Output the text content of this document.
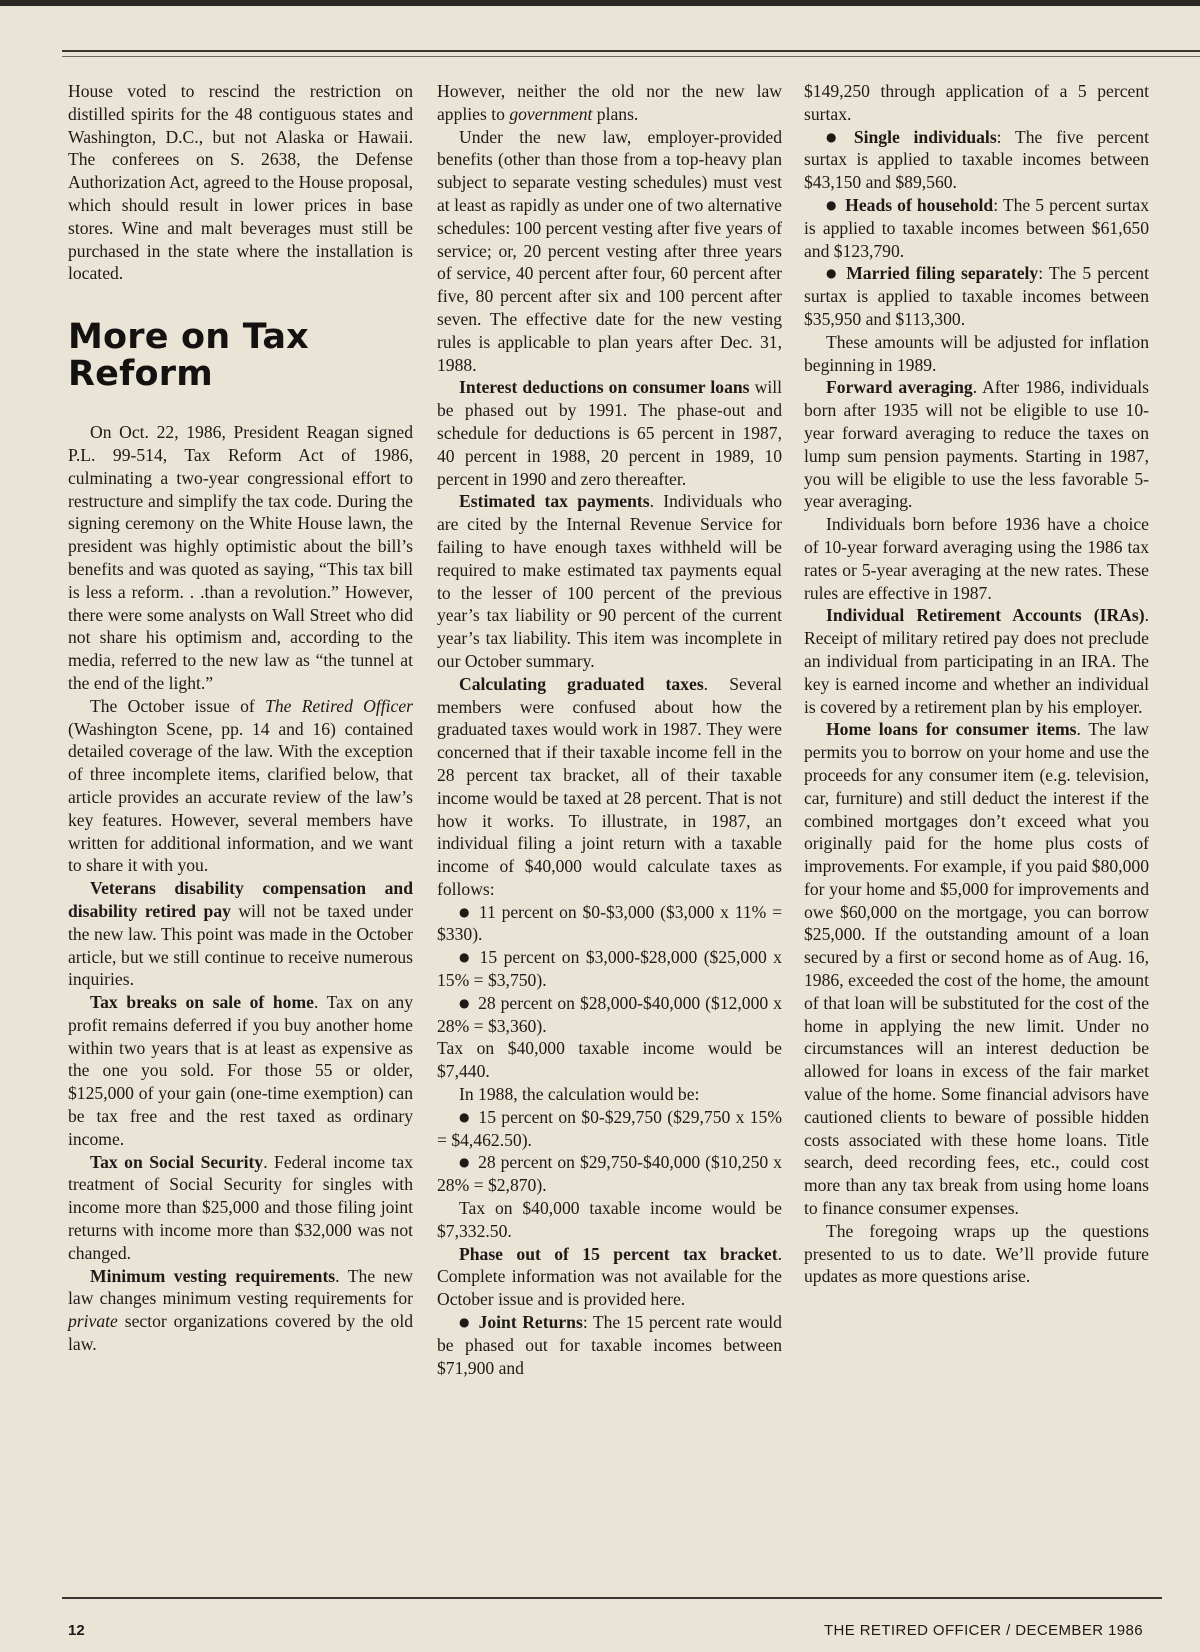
House voted to rescind the restriction on distilled spirits for the 48 contiguous states and Washington, D.C., but not Alaska or Hawaii. The conferees on S. 2638, the Defense Authorization Act, agreed to the House proposal, which should result in lower prices in base stores. Wine and malt beverages must still be purchased in the state where the installation is located.

More on Tax
Reform

On Oct. 22, 1986, President Reagan signed P.L. 99-514, Tax Reform Act of 1986, culminating a two-year congressional effort to restructure and simplify the tax code. During the signing ceremony on the White House lawn, the president was highly optimistic about the bill’s benefits and was quoted as saying, “This tax bill is less a reform. . .than a revolution.” However, there were some analysts on Wall Street who did not share his optimism and, according to the media, referred to the new law as “the tunnel at the end of the light.”

The October issue of The Retired Officer (Washington Scene, pp. 14 and 16) contained detailed coverage of the law. With the exception of three incomplete items, clarified below, that article provides an accurate review of the law’s key features. However, several members have written for additional information, and we want to share it with you.

Veterans disability compensation and disability retired pay will not be taxed under the new law. This point was made in the October article, but we still continue to receive numerous inquiries.

Tax breaks on sale of home. Tax on any profit remains deferred if you buy another home within two years that is at least as expensive as the one you sold. For those 55 or older, $125,000 of your gain (one-time exemption) can be tax free and the rest taxed as ordinary income.

Tax on Social Security. Federal income tax treatment of Social Security for singles with income more than $25,000 and those filing joint returns with income more than $32,000 was not changed.

Minimum vesting requirements. The new law changes minimum vesting requirements for private sector organizations covered by the old law.

However, neither the old nor the new law applies to government plans.

Under the new law, employer-provided benefits (other than those from a top-heavy plan subject to separate vesting schedules) must vest at least as rapidly as under one of two alternative schedules: 100 percent vesting after five years of service; or, 20 percent vesting after three years of service, 40 percent after four, 60 percent after five, 80 percent after six and 100 percent after seven. The effective date for the new vesting rules is applicable to plan years after Dec. 31, 1988.

Interest deductions on consumer loans will be phased out by 1991. The phase-out and schedule for deductions is 65 percent in 1987, 40 percent in 1988, 20 percent in 1989, 10 percent in 1990 and zero thereafter.

Estimated tax payments. Individuals who are cited by the Internal Revenue Service for failing to have enough taxes withheld will be required to make estimated tax payments equal to the lesser of 100 percent of the previous year’s tax liability or 90 percent of the current year’s tax liability. This item was incomplete in our October summary.

Calculating graduated taxes. Several members were confused about how the graduated taxes would work in 1987. They were concerned that if their taxable income fell in the 28 percent tax bracket, all of their taxable income would be taxed at 28 percent. That is not how it works. To illustrate, in 1987, an individual filing a joint return with a taxable income of $40,000 would calculate taxes as follows:

● 11 percent on $0-$3,000 ($3,000 x 11% = $330).

● 15 percent on $3,000-$28,000 ($25,000 x 15% = $3,750).

● 28 percent on $28,000-$40,000 ($12,000 x 28% = $3,360).

Tax on $40,000 taxable income would be $7,440.

In 1988, the calculation would be:

● 15 percent on $0-$29,750 ($29,750 x 15% = $4,462.50).

● 28 percent on $29,750-$40,000 ($10,250 x 28% = $2,870).

Tax on $40,000 taxable income would be $7,332.50.

Phase out of 15 percent tax bracket. Complete information was not available for the October issue and is provided here.

● Joint Returns: The 15 percent rate would be phased out for taxable incomes between $71,900 and

$149,250 through application of a 5 percent surtax.

● Single individuals: The five percent surtax is applied to taxable incomes between $43,150 and $89,560.

● Heads of household: The 5 percent surtax is applied to taxable incomes between $61,650 and $123,790.

● Married filing separately: The 5 percent surtax is applied to taxable incomes between $35,950 and $113,300.

These amounts will be adjusted for inflation beginning in 1989.

Forward averaging. After 1986, individuals born after 1935 will not be eligible to use 10-year forward averaging to reduce the taxes on lump sum pension payments. Starting in 1987, you will be eligible to use the less favorable 5-year averaging.

Individuals born before 1936 have a choice of 10-year forward averaging using the 1986 tax rates or 5-year averaging at the new rates. These rules are effective in 1987.

Individual Retirement Accounts (IRAs). Receipt of military retired pay does not preclude an individual from participating in an IRA. The key is earned income and whether an individual is covered by a retirement plan by his employer.

Home loans for consumer items. The law permits you to borrow on your home and use the proceeds for any consumer item (e.g. television, car, furniture) and still deduct the interest if the combined mortgages don’t exceed what you originally paid for the home plus costs of improvements. For example, if you paid $80,000 for your home and $5,000 for improvements and owe $60,000 on the mortgage, you can borrow $25,000. If the outstanding amount of a loan secured by a first or second home as of Aug. 16, 1986, exceeded the cost of the home, the amount of that loan will be substituted for the cost of the home in applying the new limit. Under no circumstances will an interest deduction be allowed for loans in excess of the fair market value of the home. Some financial advisors have cautioned clients to beware of possible hidden costs associated with these home loans. Title search, deed recording fees, etc., could cost more than any tax break from using home loans to finance consumer expenses.

The foregoing wraps up the questions presented to us to date. We’ll provide future updates as more questions arise.

12	THE RETIRED OFFICER / DECEMBER 1986
